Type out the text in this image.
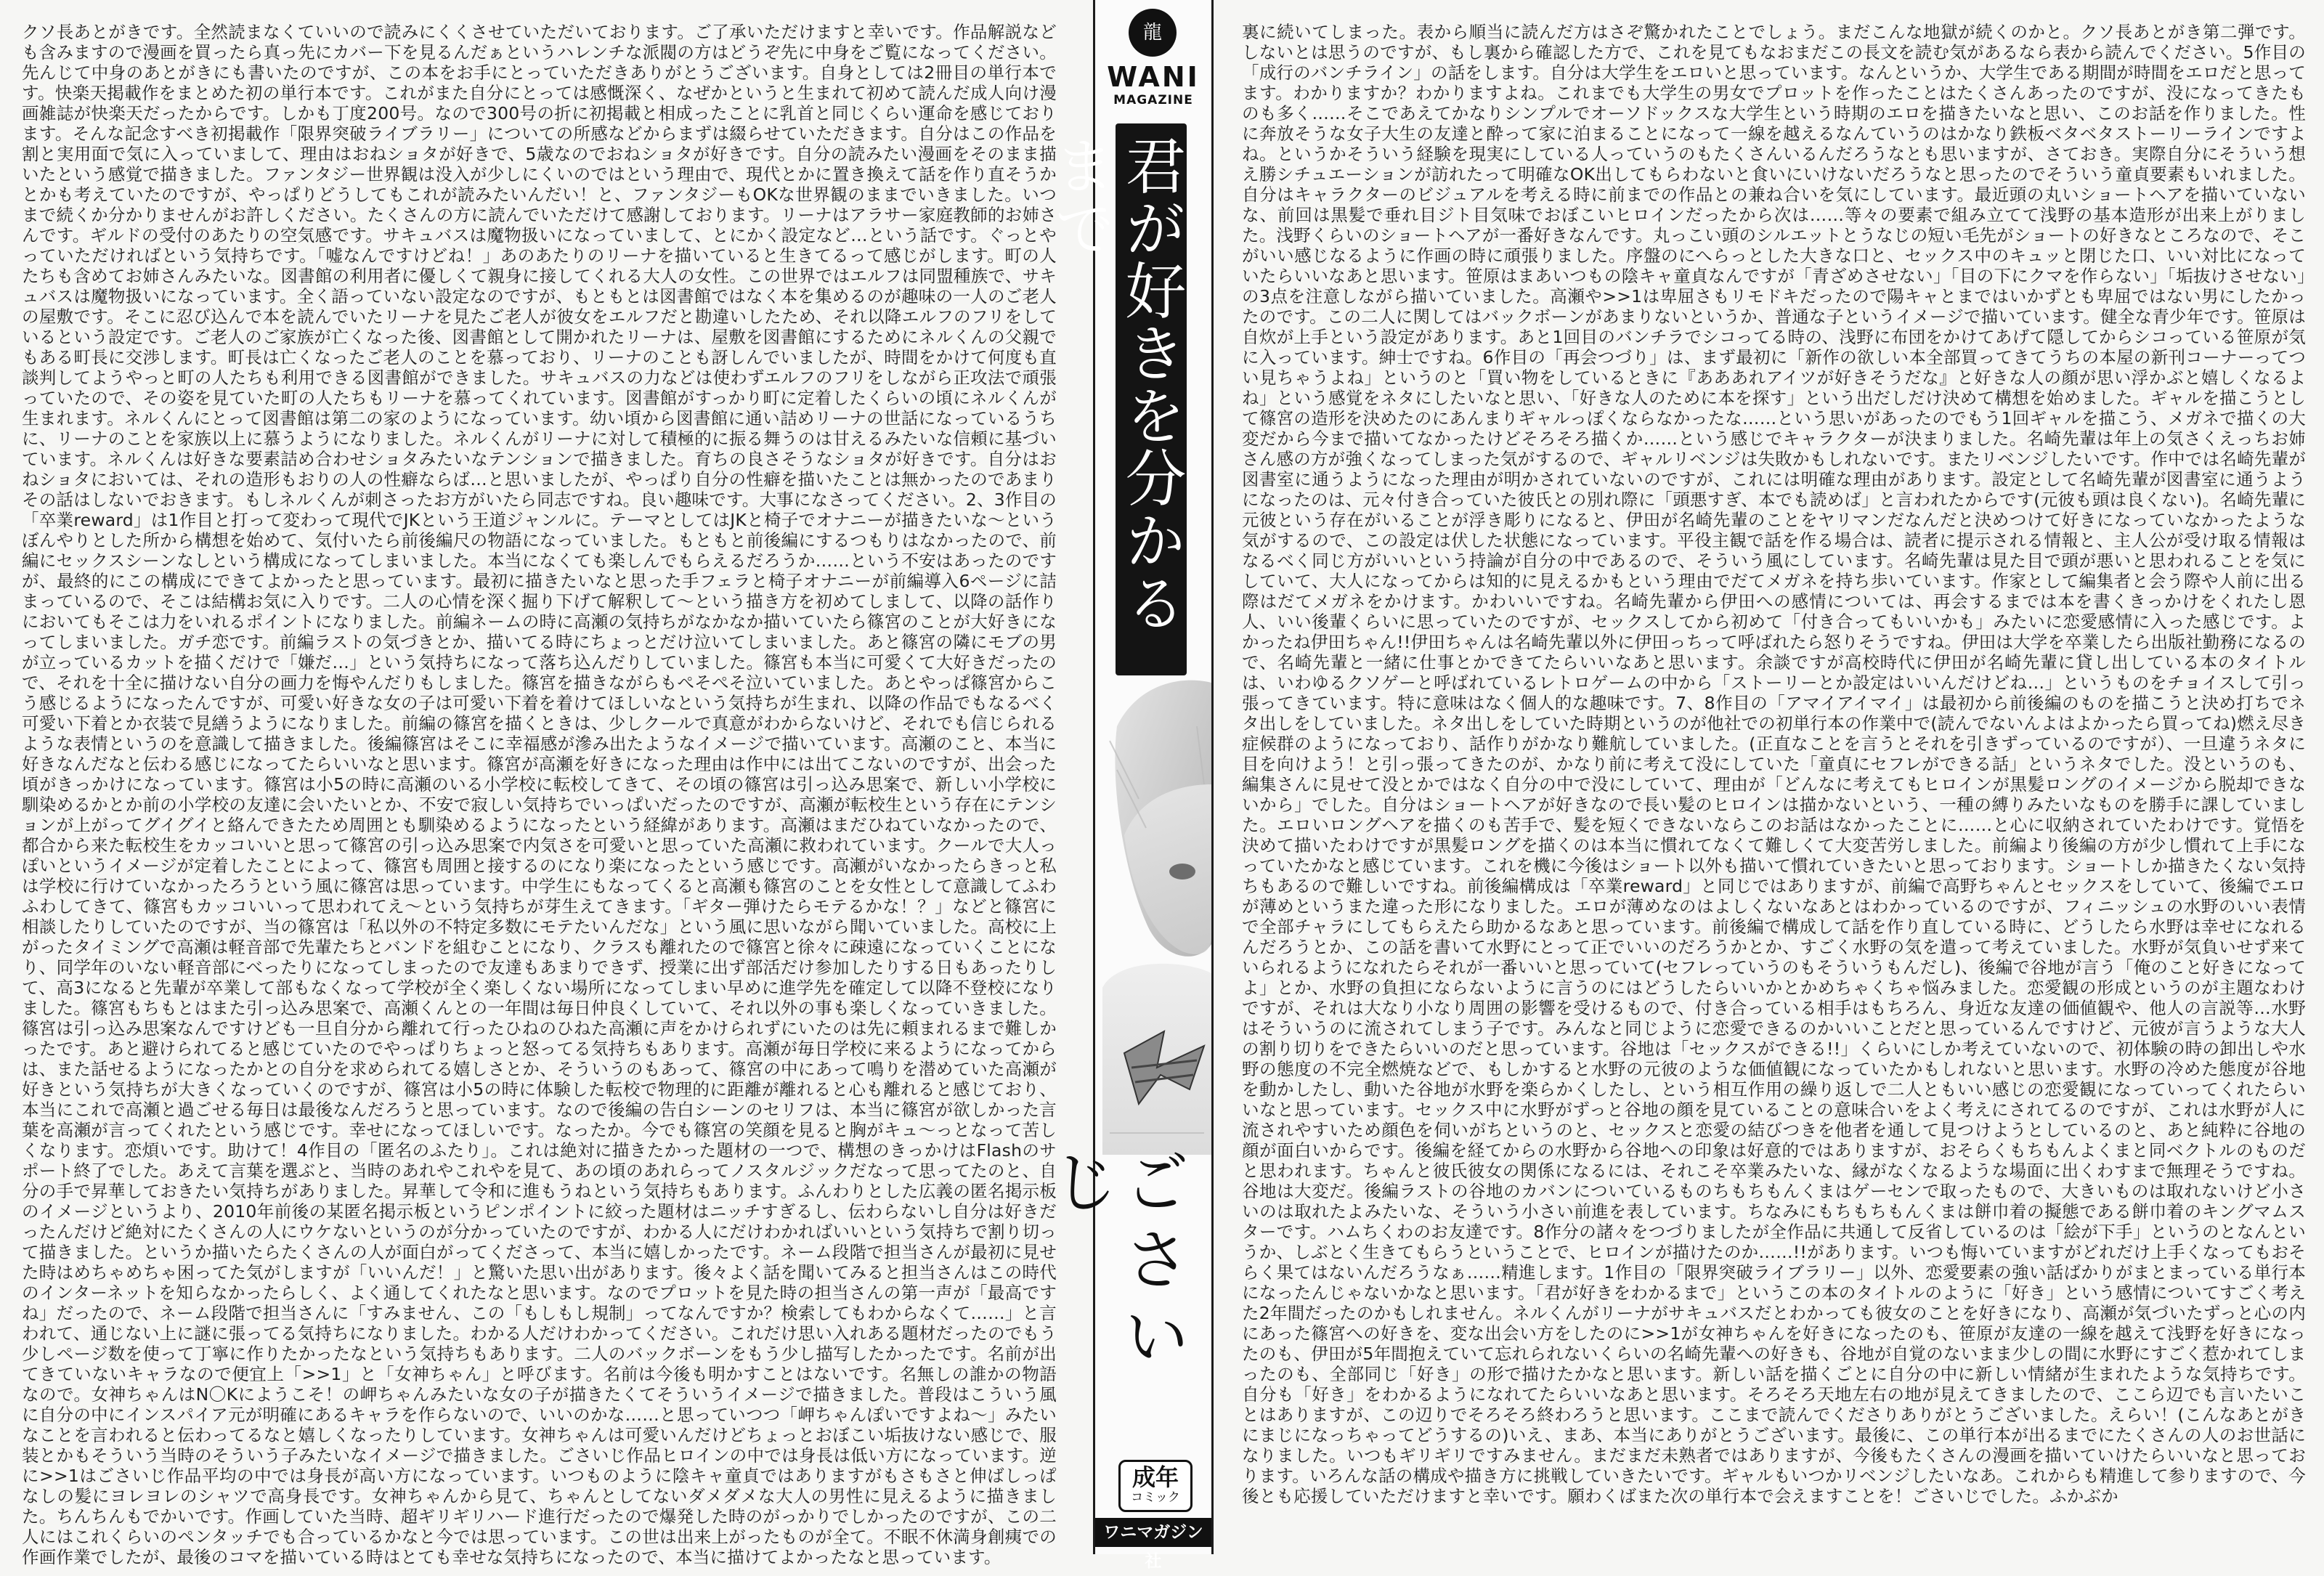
クソ長あとがきです。全然読まなくていいので読みにくくさせていただいております。ご了承いただけますと幸いです。作品解説なども含みますので漫画を買ったら真っ先にカバー下を見るんだぁというハレンチな派閥の方はどうぞ先に中身をご覧になってください。先んじて中身のあとがきにも書いたのですが、この本をお手にとっていただきありがとうございます。自身としては2冊目の単行本です。快楽天掲載作をまとめた初の単行本です。これがまた自分にとっては感慨深く、なぜかというと生まれて初めて読んだ成人向け漫画雑誌が快楽天だったからです。しかも丁度200号。なので300号の折に初掲載と相成ったことに乳首と同じくらい運命を感じております。そんな記念すべき初掲載作「限界突破ライブラリー」についての所感などからまずは綴らせていただきます。自分はこの作品を割と実用面で気に入っていまして、理由はおねショタが好きで、5歳なのでおねショタが好きです。自分の読みたい漫画をそのまま描いたという感覚で描きました。ファンタジー世界観は没入が少しにくいのではという理由で、現代とかに置き換えて話を作り直そうかとかも考えていたのですが、やっぱりどうしてもこれが読みたいんだい！と、ファンタジーもOKな世界観のままでいきました。いつまで続くか分かりませんがお許しください。たくさんの方に読んでいただけて感謝しております。リーナはアラサー家庭教師的お姉さんです。ギルドの受付のあたりの空気感です。サキュバスは魔物扱いになっていまして、とにかく設定など…という話です。ぐっとやっていただければという気持ちです。「嘘なんですけどね！」あのあたりのリーナを描いていると生きてるって感じがします。町の人たちも含めてお姉さんみたいな。図書館の利用者に優しくて親身に接してくれる大人の女性。この世界ではエルフは同盟種族で、サキュバスは魔物扱いになっています。全く語っていない設定なのですが、もともとは図書館ではなく本を集めるのが趣味の一人のご老人の屋敷です。そこに忍び込んで本を読んでいたリーナを見たご老人が彼女をエルフだと勘違いしたため、それ以降エルフのフリをしているという設定です。ご老人のご家族が亡くなった後、図書館として開かれたリーナは、屋敷を図書館にするためにネルくんの父親でもある町長に交渉します。町長は亡くなったご老人のことを慕っており、リーナのことも訝しんでいましたが、時間をかけて何度も直談判してようやっと町の人たちも利用できる図書館ができました。サキュバスの力などは使わずエルフのフリをしながら正攻法で頑張っていたので、その姿を見ていた町の人たちもリーナを慕ってくれています。図書館がすっかり町に定着したくらいの頃にネルくんが生まれます。ネルくんにとって図書館は第二の家のようになっています。幼い頃から図書館に通い詰めリーナの世話になっているうちに、リーナのことを家族以上に慕うようになりました。ネルくんがリーナに対して積極的に振る舞うのは甘えるみたいな信頼に基づいています。ネルくんは好きな要素詰め合わせショタみたいなテンションで描きました。育ちの良さそうなショタが好きです。自分はおねショタにおいては、それの造形もおりの人の性癖ならば…と思いましたが、やっぱり自分の性癖を描いたことは無かったのであまりその話はしないでおきます。もしネルくんが刺さったお方がいたら同志ですね。良い趣味です。大事になさってください。2、3作目の「卒業reward」は1作目と打って変わって現代でJKという王道ジャンルに。テーマとしてはJKと椅子でオナニーが描きたいな～というぼんやりとした所から構想を始めて、気付いたら前後編尺の物語になっていました。もともと前後編にするつもりはなかったので、前編にセックスシーンなしという構成になってしまいました。本当になくても楽しんでもらえるだろうか……という不安はあったのですが、最終的にこの構成にできてよかったと思っています。最初に描きたいなと思った手フェラと椅子オナニーが前編導入6ページに詰まっているので、そこは結構お気に入りです。二人の心情を深く掘り下げて解釈して～という描き方を初めてしまして、以降の話作りにおいてもそこは力をいれるポイントになりました。前編ネームの時に高瀬の気持ちがなかなか描いていたら篠宮のことが大好きになってしまいました。ガチ恋です。前編ラストの気づきとか、描いてる時にちょっとだけ泣いてしまいました。あと篠宮の隣にモブの男が立っているカットを描くだけで「嫌だ…」という気持ちになって落ち込んだりしていました。篠宮も本当に可愛くて大好きだったので、それを十全に描けない自分の画力を悔やんだりもしました。篠宮を描きながらもぺそぺそ泣いていました。あとやっぱ篠宮からこう感じるようになったんですが、可愛い好きな女の子は可愛い下着を着けてほしいなという気持ちが生まれ、以降の作品でもなるべく可愛い下着とか衣装で見繕うようになりました。前編の篠宮を描くときは、少しクールで真意がわからないけど、それでも信じられるような表情というのを意識して描きました。後編篠宮はそこに幸福感が滲み出たようなイメージで描いています。高瀬のこと、本当に好きなんだなと伝わる感じになってたらいいなと思います。篠宮が高瀬を好きになった理由は作中には出てこないのですが、出会った頃がきっかけになっています。篠宮は小5の時に高瀬のいる小学校に転校してきて、その頃の篠宮は引っ込み思案で、新しい小学校に馴染めるかとか前の小学校の友達に会いたいとか、不安で寂しい気持ちでいっぱいだったのですが、高瀬が転校生という存在にテンションが上がってグイグイと絡んできたため周囲とも馴染めるようになったという経緯があります。高瀬はまだひねていなかったので、都合から来た転校生をカッコいいと思って篠宮の引っ込み思案で内気さを可愛いと思っていた高瀬に救われています。クールで大人っぽいというイメージが定着したことによって、篠宮も周囲と接するのになり楽になったという感じです。高瀬がいなかったらきっと私は学校に行けていなかったろうという風に篠宮は思っています。中学生にもなってくると高瀬も篠宮のことを女性として意識してふわふわしてきて、篠宮もカッコいいって思われてえ～という気持ちが芽生えてきます。「ギター弾けたらモテるかな！？」などと篠宮に相談したりしていたのですが、当の篠宮は「私以外の不特定多数にモテたいんだな」という風に思いながら聞いていました。高校に上がったタイミングで高瀬は軽音部で先輩たちとバンドを組むことになり、クラスも離れたので篠宮と徐々に疎遠になっていくことになり、同学年のいない軽音部にべったりになってしまったので友達もあまりできず、授業に出ず部活だけ参加したりする日もあったりして、高3になると先輩が卒業して部もなくなって学校が全く楽しくない場所になってしまい早めに進学先を確定して以降不登校になりました。篠宮もちもとはまた引っ込み思案で、高瀬くんとの一年間は毎日仲良くしていて、それ以外の事も楽しくなっていきました。篠宮は引っ込み思案なんですけども一旦自分から離れて行ったひねのひねた高瀬に声をかけられずにいたのは先に頼まれるまで難しかったです。あと避けられてると感じていたのでやっぱりちょっと怒ってる気持ちもあります。高瀬が毎日学校に来るようになってからは、また話せるようになったかとの自分を求められてる嬉しさとか、そういうのもあって、篠宮の中にあって鳴りを潜めていた高瀬が好きという気持ちが大きくなっていくのですが、篠宮は小5の時に体験した転校で物理的に距離が離れると心も離れると感じており、本当にこれで高瀬と過ごせる毎日は最後なんだろうと思っています。なので後編の告白シーンのセリフは、本当に篠宮が欲しかった言葉を高瀬が言ってくれたという感じです。幸せになってほしいです。なったか。今でも篠宮の笑顔を見ると胸がキュ～っとなって苦しくなります。恋煩いです。助けて！4作目の「匿名のふたり」。これは絶対に描きたかった題材の一つで、構想のきっかけはFlashのサポート終了でした。あえて言葉を選ぶと、当時のあれやこれやを見て、あの頃のあれらってノスタルジックだなって思ってたのと、自分の手で昇華しておきたい気持ちがありました。昇華して令和に進もうねという気持ちもあります。ふんわりとした広義の匿名掲示板のイメージというより、2010年前後の某匿名掲示板というピンポイントに絞った題材はニッチすぎるし、伝わらないし自分は好きだったんだけど絶対にたくさんの人にウケないというのが分かっていたのですが、わかる人にだけわかればいいという気持ちで割り切って描きました。というか描いたらたくさんの人が面白がってくださって、本当に嬉しかったです。ネーム段階で担当さんが最初に見せた時はめちゃめちゃ困ってた気がしますが「いいんだ！」と驚いた思い出があります。後々よく話を聞いてみると担当さんはこの時代のインターネットを知らなかったらしく、よく通してくれたなと思います。なのでプロットを見た時の担当さんの第一声が「最高ですね」だったので、ネーム段階で担当さんに「すみません、この「もしもし規制」ってなんですか？検索してもわからなくて……」と言われて、通じない上に謎に張ってる気持ちになりました。わかる人だけわかってください。これだけ思い入れある題材だったのでもう少しページ数を使って丁寧に作りたかったなという気持ちもあります。二人のバックボーンをもう少し描写したかったです。名前が出てきていないキャラなので便宜上「>>1」と「女神ちゃん」と呼びます。名前は今後も明かすことはないです。名無しの誰かの物語なので。女神ちゃんはN〇Kにようこそ！の岬ちゃんみたいな女の子が描きたくてそういうイメージで描きました。普段はこういう風に自分の中にインスパイア元が明確にあるキャラを作らないので、いいのかな……と思っていつつ「岬ちゃんぽいですよね～」みたいなことを言われると伝わってるなと嬉しくなったりしています。女神ちゃんは可愛いんだけどちょっとおぼこい垢抜けない感じで、服装とかもそういう当時のそういう子みたいなイメージで描きました。ごさいじ作品ヒロインの中では身長は低い方になっています。逆に>>1はごさいじ作品平均の中では身長が高い方になっています。いつものように陰キャ童貞ではありますがもさもさと伸ばしっぱなしの髪にヨレヨレのシャツで高身長です。女神ちゃんから見て、ちゃんとしてないダメダメな大人の男性に見えるように描きました。ちんちんもでかいです。作画していた当時、超ギリギリハード進行だったので爆発した時のがっかりでしかったのですが、この二人にはこれくらいのペンタッチでも合っているかなと今では思っています。この世は出来上がったものが全て。不眠不休満身創痍での作画作業でしたが、最後のコマを描いている時はとても幸せな気持ちになったので、本当に描けてよかったなと思っています。
龍
WANI
MAGAZINE
君が好きを分かるまで
ごさいじ
成年
コミック
ワニマガジン社
裏に続いてしまった。表から順当に読んだ方はさぞ驚かれたことでしょう。まだこんな地獄が続くのかと。クソ長あとがき第二弾です。しないとは思うのですが、もし裏から確認した方で、これを見てもなおまだこの長文を読む気があるなら表から読んでください。5作目の「成行のバンチライン」の話をします。自分は大学生をエロいと思っています。なんというか、大学生である期間が時間をエロだと思ってます。わかりますか？わかりますよね。これまでも大学生の男女でプロットを作ったことはたくさんあったのですが、没になってきたものも多く……そこであえてかなりシンプルでオーソドックスな大学生という時期のエロを描きたいなと思い、このお話を作りました。性に奔放そうな女子大生の友達と酔って家に泊まることになって一線を越えるなんていうのはかなり鉄板ベタベタストーリーラインですよね。というかそういう経験を現実にしている人っていうのもたくさんいるんだろうなとも思いますが、さておき。実際自分にそういう想え勝シチュエーションが訪れたって明確なOK出してもらわないと食いにいけないだろうなと思ったのでそういう童貞要素もいれました。自分はキャラクターのビジュアルを考える時に前までの作品との兼ね合いを気にしています。最近頭の丸いショートヘアを描いていないな、前回は黒髪で垂れ目ジト目気味でおぼこいヒロインだったから次は……等々の要素で組み立てて浅野の基本造形が出来上がりました。浅野くらいのショートヘアが一番好きなんです。丸っこい頭のシルエットとうなじの短い毛先がショートの好きなところなので、そこがいい感じなるように作画の時に頑張りました。序盤のにへらっとした大きな口と、セックス中のキュッと閉じた口、いい対比になっていたらいいなあと思います。笹原はまあいつもの陰キャ童貞なんですが「青ざめさせない」「目の下にクマを作らない」「垢抜けさせない」の3点を注意しながら描いていました。高瀬や>>1は卑屈さもリモドキだったので陽キャとまではいかずとも卑屈ではない男にしたかったのです。この二人に関してはバックボーンがあまりないというか、普通な子というイメージで描いています。健全な青少年です。笹原は自炊が上手という設定があります。あと1回目のバンチラでシコってる時の、浅野に布団をかけてあげて隠してからシコっている笹原が気に入っています。紳士ですね。6作目の「再会つづり」は、まず最初に「新作の欲しい本全部買ってきてうちの本屋の新刊コーナーってつい見ちゃうよね」というのと「買い物をしているときに『あああれアイツが好きそうだな』と好きな人の顔が思い浮かぶと嬉しくなるよね」という感覚をネタにしたいなと思い、「好きな人のために本を探す」という出だしだけ決めて構想を始めました。ギャルを描こうとして篠宮の造形を決めたのにあんまりギャルっぽくならなかったな……という思いがあったのでもう1回ギャルを描こう、メガネで描くの大変だから今まで描いてなかったけどそろそろ描くか……という感じでキャラクターが決まりました。名崎先輩は年上の気さくえっちお姉さん感の方が強くなってしまった気がするので、ギャルリベンジは失敗かもしれないです。またリベンジしたいです。作中では名崎先輩が図書室に通うようになった理由が明かされていないのですが、これには明確な理由があります。設定として名崎先輩が図書室に通うようになったのは、元々付き合っていた彼氏との別れ際に「頭悪すぎ、本でも読めば」と言われたからです(元彼も頭は良くない)。名崎先輩に元彼という存在がいることが浮き彫りになると、伊田が名崎先輩のことをヤリマンだなんだと決めつけて好きになっていなかったような気がするので、この設定は伏した状態になっています。平役主観で話を作る場合は、読者に提示される情報と、主人公が受け取る情報はなるべく同じ方がいいという持論が自分の中であるので、そういう風にしています。名崎先輩は見た目で頭が悪いと思われることを気にしていて、大人になってからは知的に見えるかもという理由でだてメガネを持ち歩いています。作家として編集者と会う際や人前に出る際はだてメガネをかけます。かわいいですね。名崎先輩から伊田への感情については、再会するまでは本を書くきっかけをくれたし恩人、いい後輩くらいに思っていたのですが、セックスしてから初めて「付き合ってもいいかも」みたいに恋愛感情に入った感じです。よかったね伊田ちゃん!!伊田ちゃんは名崎先輩以外に伊田っちって呼ばれたら怒りそうですね。伊田は大学を卒業したら出版社勤務になるので、名崎先輩と一緒に仕事とかできてたらいいなあと思います。余談ですが高校時代に伊田が名崎先輩に貸し出している本のタイトルは、いわゆるクソゲーと呼ばれているレトロゲームの中から「ストーリーとか設定はいいんだけどね…」というものをチョイスして引っ張ってきています。特に意味はなく個人的な趣味です。7、8作目の「アマイアイマイ」は最初から前後編のものを描こうと決め打ちでネタ出しをしていました。ネタ出しをしていた時期というのが他社での初単行本の作業中で(読んでないんよはよかったら買ってね)燃え尽き症候群のようになっており、話作りがかなり難航していました。(正直なことを言うとそれを引きずっているのですが）、一旦違うネタに目を向けよう！と引っ張ってきたのが、かなり前に考えて没にしていた「童貞にセフレができる話」というネタでした。没というのも、編集さんに見せて没とかではなく自分の中で没にしていて、理由が「どんなに考えてもヒロインが黒髪ロングのイメージから脱却できないから」でした。自分はショートヘアが好きなので長い髪のヒロインは描かないという、一種の縛りみたいなものを勝手に課していました。エロいロングヘアを描くのも苦手で、髪を短くできないならこのお話はなかったことに……と心に収納されていたわけです。覚悟を決めて描いたわけですが黒髪ロングを描くのは本当に慣れてなくて難しくて大変苦労しました。前編より後編の方が少し慣れて上手になっていたかなと感じています。これを機に今後はショート以外も描いて慣れていきたいと思っております。ショートしか描きたくない気持ちもあるので難しいですね。前後編構成は「卒業reward」と同じではありますが、前編で高野ちゃんとセックスをしていて、後編でエロが薄めというまた違った形になりました。エロが薄めなのはよしくないなあとはわかっているのですが、フィニッシュの水野のいい表情で全部チャラにしてもらえたら助かるなあと思っています。前後編で構成して話を作り直している時に、どうしたら水野は幸せになれるんだろうとか、この話を書いて水野にとって正でいいのだろうかとか、すごく水野の気を遣って考えていました。水野が気負いせず来ていられるようになれたらそれが一番いいと思っていて(セフレっていうのもそういうもんだし)、後編で谷地が言う「俺のこと好きになってよ」とか、水野の負担にならないように言うのにはどうしたらいいかとかめちゃくちゃ悩みました。恋愛観の形成というのが主題なわけですが、それは大なり小なり周囲の影響を受けるもので、付き合っている相手はもちろん、身近な友達の価値観や、他人の言説等…水野はそういうのに流されてしまう子です。みんなと同じように恋愛できるのかいいことだと思っているんですけど、元彼が言うような大人の割り切りをできたらいいのだと思っています。谷地は「セックスができる!!」くらいにしか考えていないので、初体験の時の卸出しや水野の態度の不完全燃焼などで、もしかすると水野の元彼のような価値観になっていたかもしれないと思います。水野の冷めた態度が谷地を動かしたし、動いた谷地が水野を楽らかくしたし、という相互作用の繰り返しで二人ともいい感じの恋愛観になっていってくれたらいいなと思っています。セックス中に水野がずっと谷地の顔を見ていることの意味合いをよく考えにされてるのですが、これは水野が人に流されやすいため顔色を伺いがちというのと、セックスと恋愛の結びつきを他者を通して見つけようとしているのと、あと純粋に谷地の顔が面白いからです。後編を経てからの水野から谷地への印象は好意的ではありますが、おそらくもちもんよくまと同ベクトルのものだと思われます。ちゃんと彼氏彼女の関係になるには、それこそ卒業みたいな、縁がなくなるような場面に出くわすまで無理そうですね。谷地は大変だ。後編ラストの谷地のカバンについているものちもちもんくまはゲーセンで取ったもので、大きいものは取れないけど小さいのは取れたよみたいな、そういう小さい前進を表しています。ちなみにもちもちもんくまは餅巾着の擬態である餅巾着のキングマムスターです。ハムちくわのお友達です。8作分の諸々をつづりましたが全作品に共通して反省しているのは「絵が下手」というのとなんというか、しぶとく生きてもらうということで、ヒロインが描けたのか……!!があります。いつも悔いていますがどれだけ上手くなってもおそらく果てはないんだろうなぁ……精進します。1作目の「限界突破ライブラリー」以外、恋愛要素の強い話ばかりがまとまっている単行本になったんじゃないかなと思います。「君が好きをわかるまで」というこの本のタイトルのように「好き」という感情についてすごく考えた2年間だったのかもしれません。ネルくんがリーナがサキュバスだとわかっても彼女のことを好きになり、高瀬が気づいたずっと心の内にあった篠宮への好きを、変な出会い方をしたのに>>1が女神ちゃんを好きになったのも、笹原が友達の一線を越えて浅野を好きになったのも、伊田が5年間抱えていて忘れられないくらいの名崎先輩への好きも、谷地が自覚のないまま少しの間に水野にすごく惹かれてしまったのも、全部同じ「好き」の形で描けたかなと思います。新しい話を描くごとに自分の中に新しい情緒が生まれたような気持ちです。自分も「好き」をわかるようになれてたらいいなあと思います。そろそろ天地左右の地が見えてきましたので、ここら辺でも言いたいことはありますが、この辺りでそろそろ終わろうと思います。ここまで読んでくださりありがとうございました。えらい！(こんなあとがきにまじになっちゃってどうするの)いえ、まあ、本当にありがとうございます。最後に、この単行本が出るまでにたくさんの人のお世話になりました。いつもギリギリですみません。まだまだ未熟者ではありますが、今後もたくさんの漫画を描いていけたらいいなと思っております。いろんな話の構成や描き方に挑戦していきたいです。ギャルもいつかリベンジしたいなあ。これからも精進して参りますので、今後とも応援していただけますと幸いです。願わくばまた次の単行本で会えますことを！ごさいじでした。ふかぶか
